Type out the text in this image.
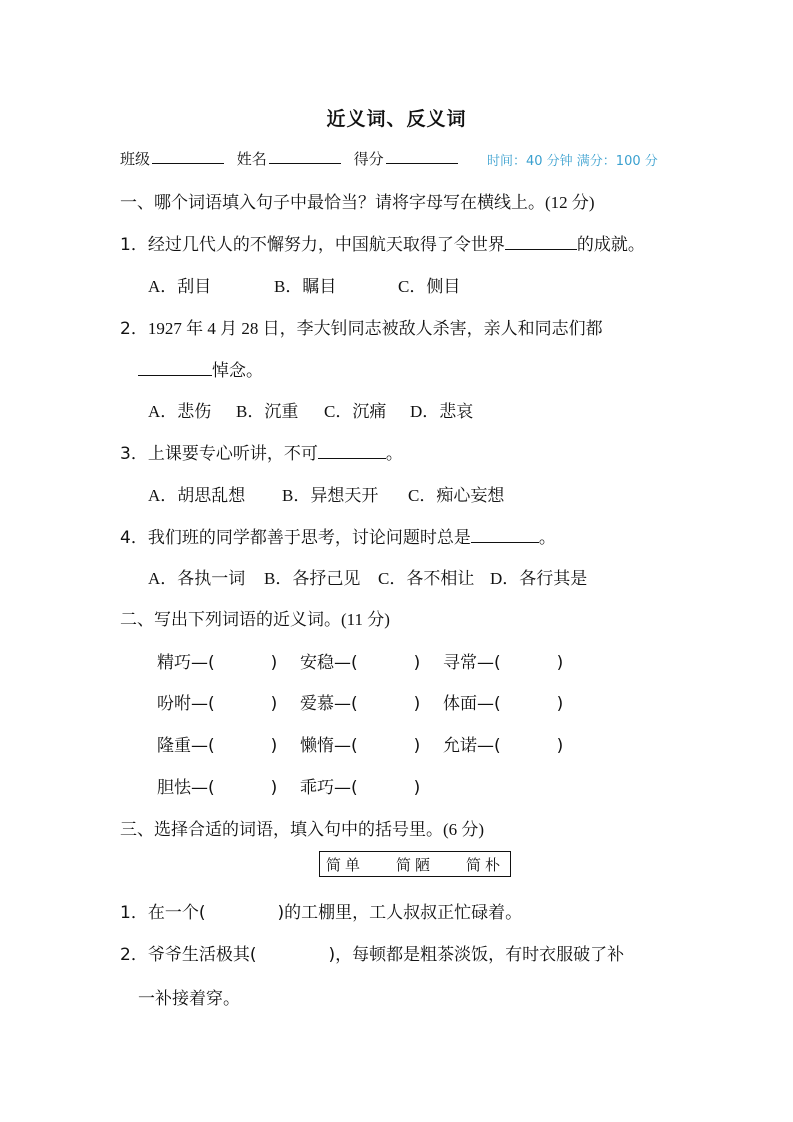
近义词、反义词
班级	姓名	得分	时间：40 分钟 满分：100 分
一、哪个词语填入句子中最恰当？请将字母写在横线上。(12 分)
1．经过几代人的不懈努力，中国航天取得了令世界	的成就。
A．刮目	B．瞩目	C．侧目
2．1927 年 4 月 28 日，李大钊同志被敌人杀害，亲人和同志们都
悼念。
A．悲伤 B．沉重 C．沉痛 D．悲哀
3．上课要专心听讲，不可	。
A．胡思乱想 B．异想天开 C．痴心妄想
4．我们班的同学都善于思考，讨论问题时总是	。
A．各执一词 B．各抒己见 C．各不相让 D．各行其是
二、写出下列词语的近义词。(11 分)
精巧—(	) 安稳—(	) 寻常—(	)
吩咐—(	) 爱慕—(	) 体面—(	)
隆重—(	) 懒惰—(	) 允诺—(	)
胆怯—(	) 乖巧—(	)
三、选择合适的词语，填入句中的括号里。(6 分)
简单 简陋 简朴
1．在一个(	)的工棚里，工人叔叔正忙碌着。
2．爷爷生活极其(	)，每顿都是粗茶淡饭，有时衣服破了补
一补接着穿。
